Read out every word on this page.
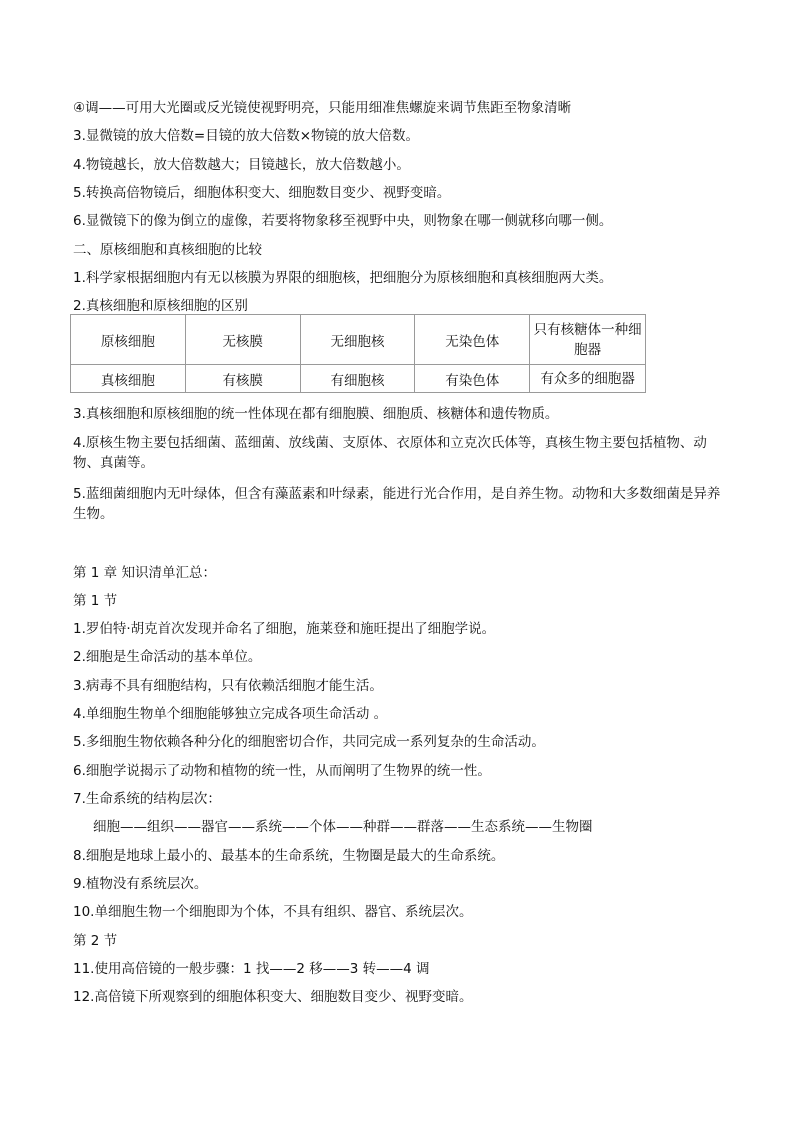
④调——可用大光圈或反光镜使视野明亮，只能用细准焦螺旋来调节焦距至物象清晰
3.显微镜的放大倍数=目镜的放大倍数×物镜的放大倍数。
4.物镜越长，放大倍数越大；目镜越长，放大倍数越小。
5.转换高倍物镜后，细胞体积变大、细胞数目变少、视野变暗。
6.显微镜下的像为倒立的虚像，若要将物象移至视野中央，则物象在哪一侧就移向哪一侧。
二、原核细胞和真核细胞的比较
1.科学家根据细胞内有无以核膜为界限的细胞核，把细胞分为原核细胞和真核细胞两大类。
2.真核细胞和原核细胞的区别
原核细胞	无核膜	无细胞核	无染色体	只有核糖体一种细胞器
真核细胞	有核膜	有细胞核	有染色体	有众多的细胞器
3.真核细胞和原核细胞的统一性体现在都有细胞膜、细胞质、核糖体和遗传物质。
4.原核生物主要包括细菌、蓝细菌、放线菌、支原体、衣原体和立克次氏体等，真核生物主要包括植物、动物、真菌等。
5.蓝细菌细胞内无叶绿体，但含有藻蓝素和叶绿素，能进行光合作用，是自养生物。动物和大多数细菌是异养生物。
第 1 章 知识清单汇总：
第 1 节
1.罗伯特·胡克首次发现并命名了细胞，施莱登和施旺提出了细胞学说。
2.细胞是生命活动的基本单位。
3.病毒不具有细胞结构，只有依赖活细胞才能生活。
4.单细胞生物单个细胞能够独立完成各项生命活动 。
5.多细胞生物依赖各种分化的细胞密切合作，共同完成一系列复杂的生命活动。
6.细胞学说揭示了动物和植物的统一性，从而阐明了生物界的统一性。
7.生命系统的结构层次：
细胞——组织——器官——系统——个体——种群——群落——生态系统——生物圈
8.细胞是地球上最小的、最基本的生命系统，生物圈是最大的生命系统。
9.植物没有系统层次。
10.单细胞生物一个细胞即为个体，不具有组织、器官、系统层次。
第 2 节
11.使用高倍镜的一般步骤：1 找——2 移——3 转——4 调
12.高倍镜下所观察到的细胞体积变大、细胞数目变少、视野变暗。
